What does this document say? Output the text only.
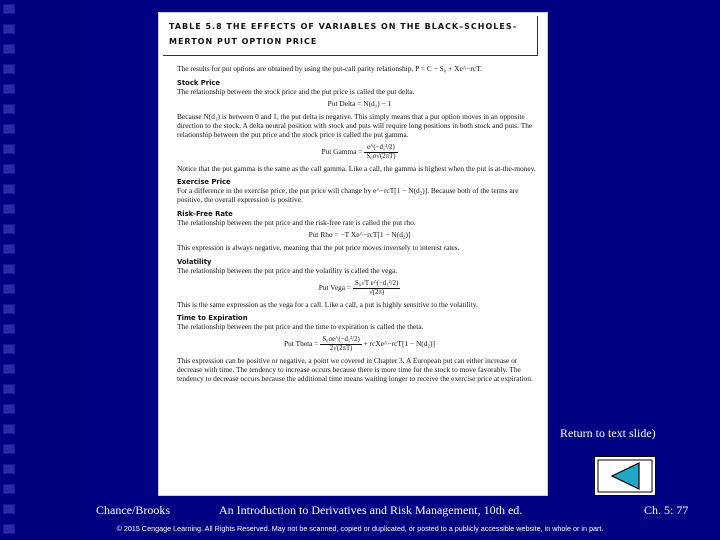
TABLE 5.8 THE EFFECTS OF VARIABLES ON THE BLACK–SCHOLES–
MERTON PUT OPTION PRICE

The results for put options are obtained by using the put-call parity relationship, P = C − S₀ + Xe^−rcT.

Stock Price

The relationship between the stock price and the put price is called the put delta.

Put Delta = N(d₁) − 1

Because N(d₁) is between 0 and 1, the put delta is negative. This simply means that a put option moves in an opposite direction to the stock. A delta neutral position with stock and puts will require long positions in both stock and puts. The relationship between the put price and the stock price is called the put gamma.

Put Gamma = $\frac{\text{e\textasciicircum{}(−d₁²/2)}}{\text{S₀σ√(2πT)}}$

Notice that the put gamma is the same as the call gamma. Like a call, the gamma is highest when the put is at-the-money.

Exercise Price

For a difference in the exercise price, the put price will change by e^−rcT[1 − N(d₂)]. Because both of the terms are positive, the overall expression is positive.

Risk-Free Rate

The relationship between the put price and the risk-free rate is called the put rho.

Put Rho = −T Xe^−rcT[1 − N(d₂)]

This expression is always negative, meaning that the put price moves inversely to interest rates.

Volatility

The relationship between the put price and the volatility is called the vega.

Put Vega = $\frac{\text{S₀√T e\textasciicircum{}(−d₁²/2)}}{√(2\pi)}$

This is the same expression as the vega for a call. Like a call, a put is highly sensitive to the volatility.

Time to Expiration

The relationship between the put price and the time to expiration is called the theta.

Put Theta = $\frac{\text{S₀σe\textasciicircum{}(−d₁²/2)}}{2√(2\pi T)}$ + rcXe^−rcT[1 − N(d₂)]

This expression can be positive or negative, a point we covered in Chapter 3. A European put can either increase or decrease with time. The tendency to increase occurs because there is more time for the stock to move favorably. The tendency to decrease occurs because the additional time means waiting longer to receive the exercise price at expiration.

Return to text slide)
Chance/Brooks	An Introduction to Derivatives and Risk Management, 10th ed.	Ch. 5: 77
© 2015 Cengage Learning. All Rights Reserved. May not be scanned, copied or duplicated, or posted to a publicly accessible website, in whole or in part.
